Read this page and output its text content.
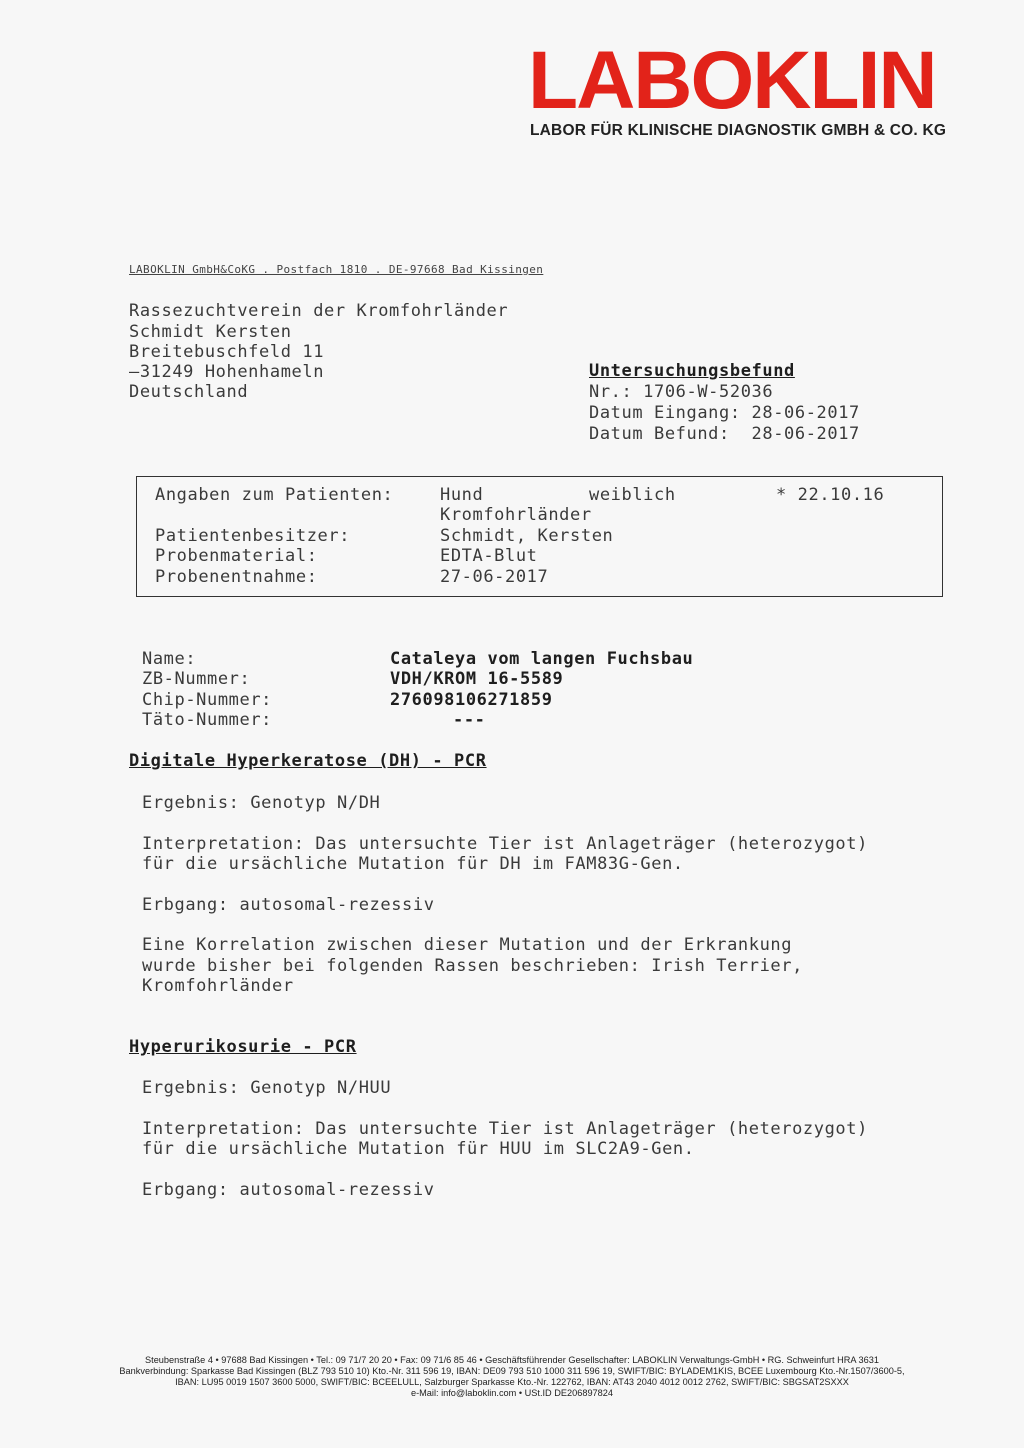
LABOKLIN
LABOR FÜR KLINISCHE DIAGNOSTIK GMBH & CO. KG
LABOKLIN GmbH&CoKG . Postfach 1810 . DE-97668 Bad Kissingen
Rassezuchtverein der Kromfohrländer
Schmidt Kersten
Breitebuschfeld 11
—31249 Hohenhameln
Deutschland
Untersuchungsbefund
Nr.: 1706-W-52036
Datum Eingang: 28-06-2017
Datum Befund:  28-06-2017
Angaben zum Patienten:	Hund	weiblich	* 22.10.16
Kromfohrländer
Patientenbesitzer:	Schmidt, Kersten
Probenmaterial:	EDTA-Blut
Probenentnahme:	27-06-2017
Name:	Cataleya vom langen Fuchsbau
ZB-Nummer:	VDH/KROM 16-5589
Chip-Nummer:	276098106271859
Täto-Nummer:	---
Digitale Hyperkeratose (DH) - PCR
Ergebnis: Genotyp N/DH
Interpretation: Das untersuchte Tier ist Anlageträger (heterozygot)
für die ursächliche Mutation für DH im FAM83G-Gen.
Erbgang: autosomal-rezessiv
Eine Korrelation zwischen dieser Mutation und der Erkrankung
wurde bisher bei folgenden Rassen beschrieben: Irish Terrier,
Kromfohrländer
Hyperurikosurie - PCR
Ergebnis: Genotyp N/HUU
Interpretation: Das untersuchte Tier ist Anlageträger (heterozygot)
für die ursächliche Mutation für HUU im SLC2A9-Gen.
Erbgang: autosomal-rezessiv
Steubenstraße 4 • 97688 Bad Kissingen • Tel.: 09 71/7 20 20 • Fax: 09 71/6 85 46 • Geschäftsführender Gesellschafter: LABOKLIN Verwaltungs-GmbH • RG. Schweinfurt HRA 3631
Bankverbindung: Sparkasse Bad Kissingen (BLZ 793 510 10) Kto.-Nr. 311 596 19, IBAN: DE09 793 510 1000 311 596 19, SWIFT/BIC: BYLADEM1KIS, BCEE Luxembourg Kto.-Nr.1507/3600-5,
IBAN: LU95 0019 1507 3600 5000, SWIFT/BIC: BCEELULL, Salzburger Sparkasse Kto.-Nr. 122762, IBAN: AT43 2040 4012 0012 2762, SWIFT/BIC: SBGSAT2SXXX
e-Mail: info@laboklin.com • USt.ID DE206897824
